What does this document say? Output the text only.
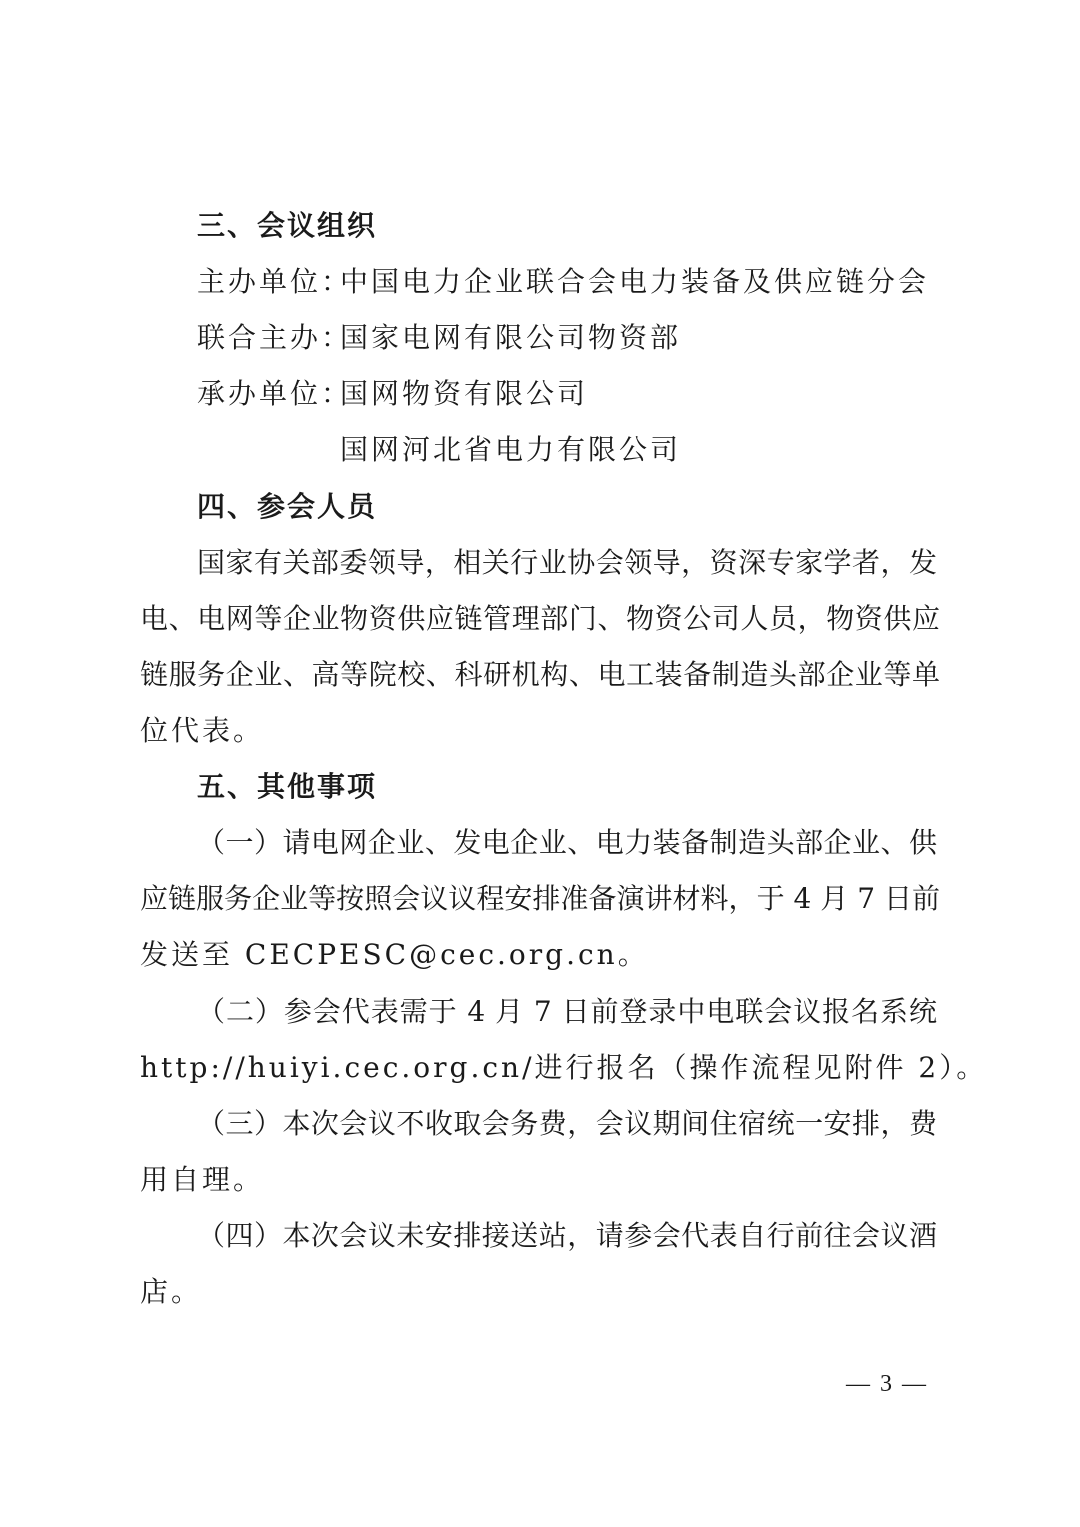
三、会议组织
主办单位：
中国电力企业联合会电力装备及供应链分会
联合主办：
国家电网有限公司物资部
承办单位：
国网物资有限公司
国网河北省电力有限公司
四、参会人员
国家有关部委领导，相关行业协会领导，资深专家学者，发
电、电网等企业物资供应链管理部门、物资公司人员，物资供应
链服务企业、高等院校、科研机构、电工装备制造头部企业等单
位代表。
五、其他事项
（一）请电网企业、发电企业、电力装备制造头部企业、供
应链服务企业等按照会议议程安排准备演讲材料，于 4 月 7 日前
发送至 CECPESC@cec.org.cn。
（二）参会代表需于 4 月 7 日前登录中电联会议报名系统
http://huiyi.cec.org.cn/进行报名（操作流程见附件 2）。
（三）本次会议不收取会务费，会议期间住宿统一安排，费
用自理。
（四）本次会议未安排接送站，请参会代表自行前往会议酒
店。
— 3 —
